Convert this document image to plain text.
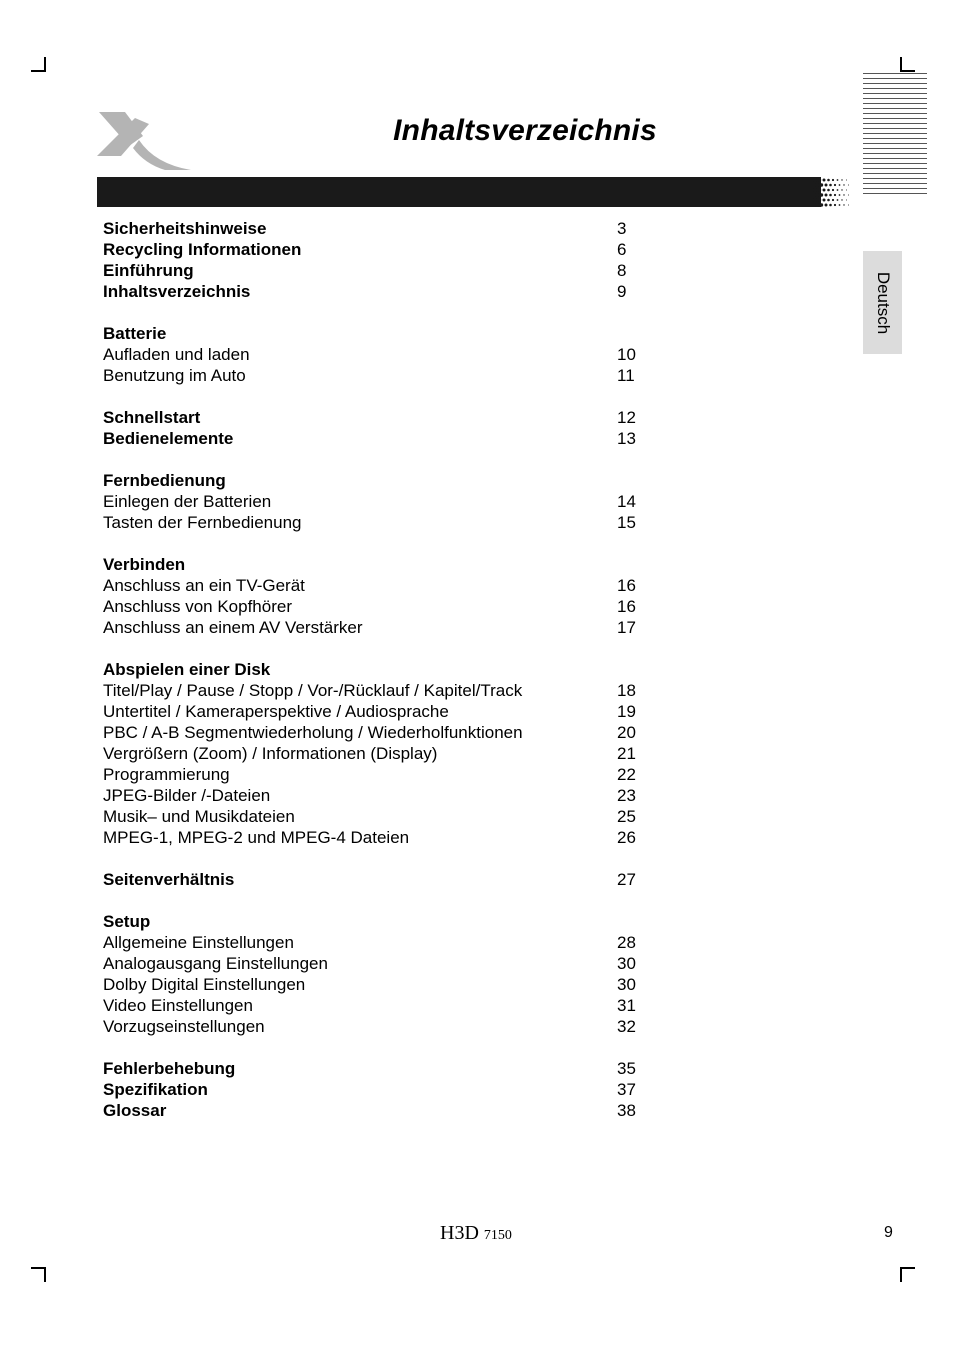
Inhaltsverzeichnis
Deutsch
Sicherheitshinweise	3
Recycling Informationen	6
Einführung	8
Inhaltsverzeichnis	9
Batterie
Aufladen und laden	10
Benutzung im Auto	11
Schnellstart	12
Bedienelemente	13
Fernbedienung
Einlegen der Batterien	14
Tasten der Fernbedienung	15
Verbinden
Anschluss an ein TV-Gerät	16
Anschluss von Kopfhörer	16
Anschluss an einem AV Verstärker	17
Abspielen einer Disk
Titel/Play / Pause / Stopp / Vor-/Rücklauf / Kapitel/Track	18
Untertitel / Kameraperspektive / Audiosprache	19
PBC / A-B Segmentwiederholung / Wiederholfunktionen	20
Vergrößern (Zoom) / Informationen (Display)	21
Programmierung	22
JPEG-Bilder /-Dateien	23
Musik– und Musikdateien	25
MPEG-1, MPEG-2 und MPEG-4 Dateien	26
Seitenverhältnis	27
Setup
Allgemeine Einstellungen	28
Analogausgang Einstellungen	30
Dolby Digital Einstellungen	30
Video Einstellungen	31
Vorzugseinstellungen	32
Fehlerbehebung	35
Spezifikation	37
Glossar	38
H3D 7150	9
